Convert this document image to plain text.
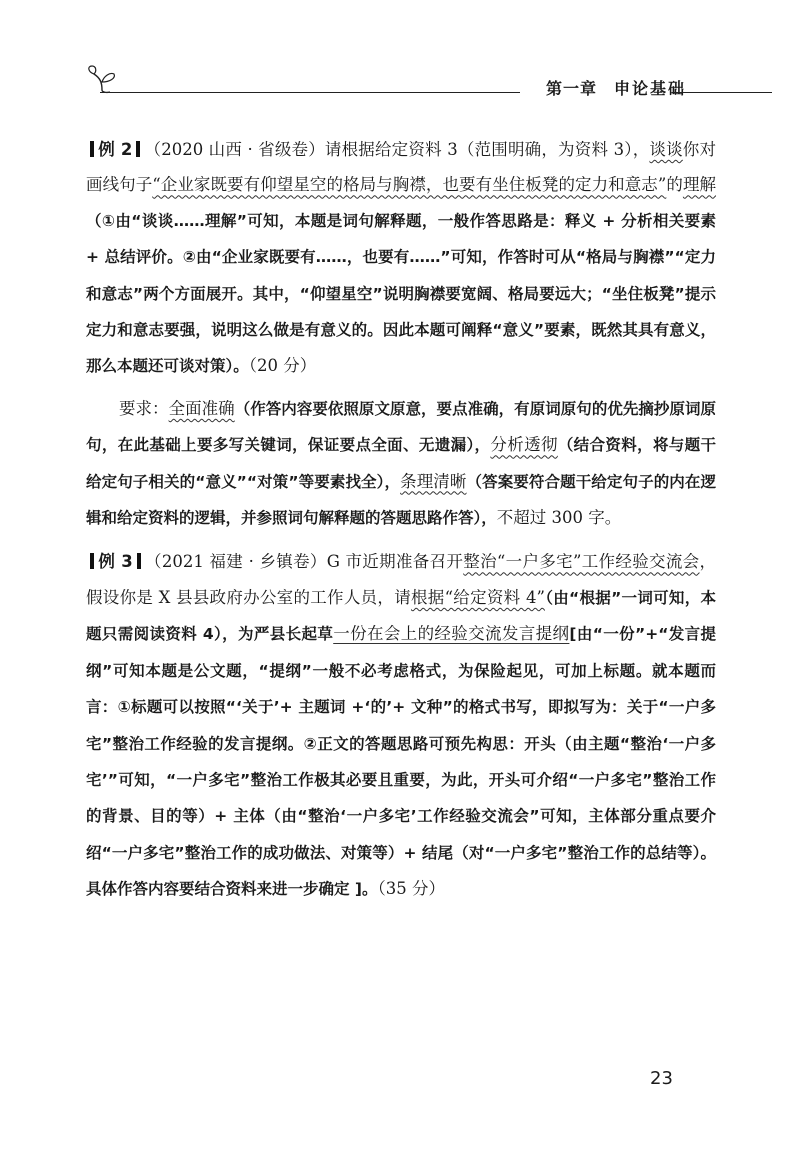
第一章 申论基础

例 2 （2020 山西 · 省级卷）请根据给定资料 3（范围明确，为资料 3），谈谈你对画线句子“企业家既要有仰望星空的格局与胸襟，也要有坐住板凳的定力和意志”的理解（①由“谈谈……理解”可知，本题是词句解释题，一般作答思路是：释义 + 分析相关要素 + 总结评价。②由“企业家既要有……，也要有……”可知，作答时可从“格局与胸襟”“定力和意志”两个方面展开。其中，“仰望星空”说明胸襟要宽阔、格局要远大；“坐住板凳”提示定力和意志要强，说明这么做是有意义的。因此本题可阐释“意义”要素，既然其具有意义，那么本题还可谈对策）。（20 分）

要求：全面准确（作答内容要依照原文原意，要点准确，有原词原句的优先摘抄原词原句，在此基础上要多写关键词，保证要点全面、无遗漏），分析透彻（结合资料，将与题干给定句子相关的“意义”“对策”等要素找全），条理清晰（答案要符合题干给定句子的内在逻辑和给定资料的逻辑，并参照词句解释题的答题思路作答），不超过 300 字。

例 3 （2021 福建 · 乡镇卷）G 市近期准备召开整治“一户多宅”工作经验交流会，假设你是 X 县县政府办公室的工作人员，请根据“给定资料 4”（由“根据”一词可知，本题只需阅读资料 4），为严县长起草一份在会上的经验交流发言提纲[由“一份”+“发言提纲”可知本题是公文题，“提纲”一般不必考虑格式，为保险起见，可加上标题。就本题而言：①标题可以按照“‘关于’+ 主题词 +‘的’+ 文种”的格式书写，即拟写为：关于“一户多宅”整治工作经验的发言提纲。②正文的答题思路可预先构思：开头（由主题“整治‘一户多宅’”可知，“一户多宅”整治工作极其必要且重要，为此，开头可介绍“一户多宅”整治工作的背景、目的等）+ 主体（由“整治‘一户多宅’工作经验交流会”可知，主体部分重点要介绍“一户多宅”整治工作的成功做法、对策等）+ 结尾（对“一户多宅”整治工作的总结等）。具体作答内容要结合资料来进一步确定 ]。（35 分）

23
